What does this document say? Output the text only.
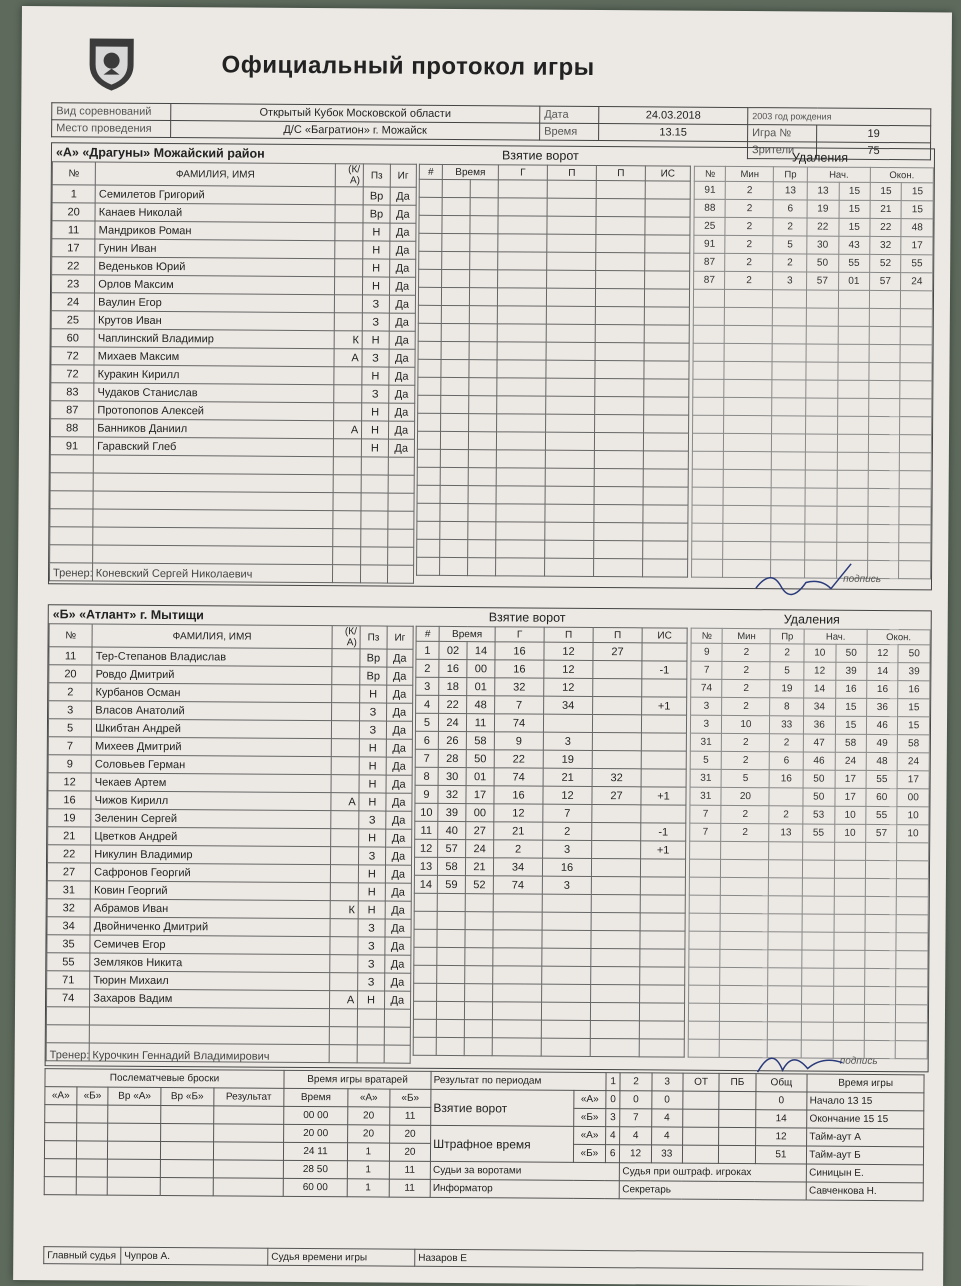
Официальный протокол игры
Вид соревнований	Открытый Кубок Московской области	Дата	24.03.2018	2003 год рождения	
Место проведения	Д/С «Багратион» г. Можайск	Время	13.15	Игра №	19
				Зрители	75
«А» «Драгуны» Можайский район	Взятие ворот	Удаления
№	ФАМИЛИЯ, ИМЯ	(К/А)	Пз	Иг
1	Семилетов Григорий		Вр	Да
20	Канаев Николай		Вр	Да
11	Мандриков Роман		Н	Да
17	Гунин Иван		Н	Да
22	Веденьков Юрий		Н	Да
23	Орлов Максим		Н	Да
24	Ваулин Егор		З	Да
25	Крутов Иван		З	Да
60	Чаплинский Владимир	К	Н	Да
72	Михаев Максим	А	З	Да
72	Куракин Кирилл		Н	Да
83	Чудаков Станислав		З	Да
87	Протопопов Алексей		Н	Да
88	Банников Даниил	А	Н	Да
91	Гаравский Глеб		Н	Да

#	Время		Г	П	П	ИС

							№	Мин	Пр	Нач.		Окон.	
91	2	13	13	15	15	15
88	2	6	19	15	21	15
25	2	2	22	15	22	48
91	2	5	30	43	32	17
87	2	2	50	55	52	55
87	2	3	57	01	57	24

Тренер: Коневский Сергей Николаевич	подпись
«Б» «Атлант» г. Мытищи	Взятие ворот	Удаления
№	ФАМИЛИЯ, ИМЯ	(К/А)	Пз	Иг
11	Тер-Степанов Владислав		Вр	Да
20	Ровдо Дмитрий		Вр	Да
2	Курбанов Осман		Н	Да
3	Власов Анатолий		З	Да
5	Шкибтан Андрей		З	Да
7	Михеев Дмитрий		Н	Да
9	Соловьев Герман		Н	Да
12	Чекаев Артем		Н	Да
16	Чижов Кирилл	А	Н	Да
19	Зеленин Сергей		З	Да
21	Цветков Андрей		Н	Да
22	Никулин Владимир		З	Да
27	Сафронов Георгий		Н	Да
31	Ковин Георгий		Н	Да
32	Абрамов Иван	К	Н	Да
34	Двойниченко Дмитрий		З	Да
35	Семичев Егор		З	Да
55	Земляков Никита		З	Да
71	Тюрин Михаил		З	Да
74	Захаров Вадим	А	Н	Да

#	Время		Г	П	П	ИС
1	02	14	16	12	27	
2	16	00	16	12		-1
3	18	01	32	12		
4	22	48	7	34		+1
5	24	11	74			
6	26	58	9	3		
7	28	50	22	19		
8	30	01	74	21	32	
9	32	17	16	12	27	+1
10	39	00	12	7		
11	40	27	21	2		-1
12	57	24	2	3		+1
13	58	21	34	16		
14	59	52	74	3		

№	Мин	Пр	Нач.		Окон.	
9	2	2	10	50	12	50
7	2	5	12	39	14	39
74	2	19	14	16	16	16
3	2	8	34	15	36	15
3	10	33	36	15	46	15
31	2	2	47	58	49	58
5	2	6	46	24	48	24
31	5	16	50	17	55	17
31	20		50	17	60	00
7	2	2	53	10	55	10
7	2	13	55	10	57	10

Тренер: Курочкин Геннадий Владимирович	подпись
Послематчевые броски					Время игры вратарей			Результат по периодам		1	2	3	ОТ	ПБ	Общ	Время игры
«А»	«Б»	Вр «А»	Вр «Б»	Результат	Время	«А»	«Б»	Взятие ворот	«А»	0	0	0			0	Начало 13 15
					00 00	20	11		«Б»	3	7	4			14	Окончание 15 15
					20 00	20	20	Штрафное время	«А»	4	4	4			12	Тайм-аут А
					24 11	1	20		«Б»	6	12	33			51	Тайм-аут Б
					28 50	1	11	Судьи за воротами			Судья при оштраф. игроках					Синицын Е.
					60 00	1	11	Информатор			Секретарь					Савченкова Н.
Главный судья	Чупров А.	Судья времени игры	Назаров Е
